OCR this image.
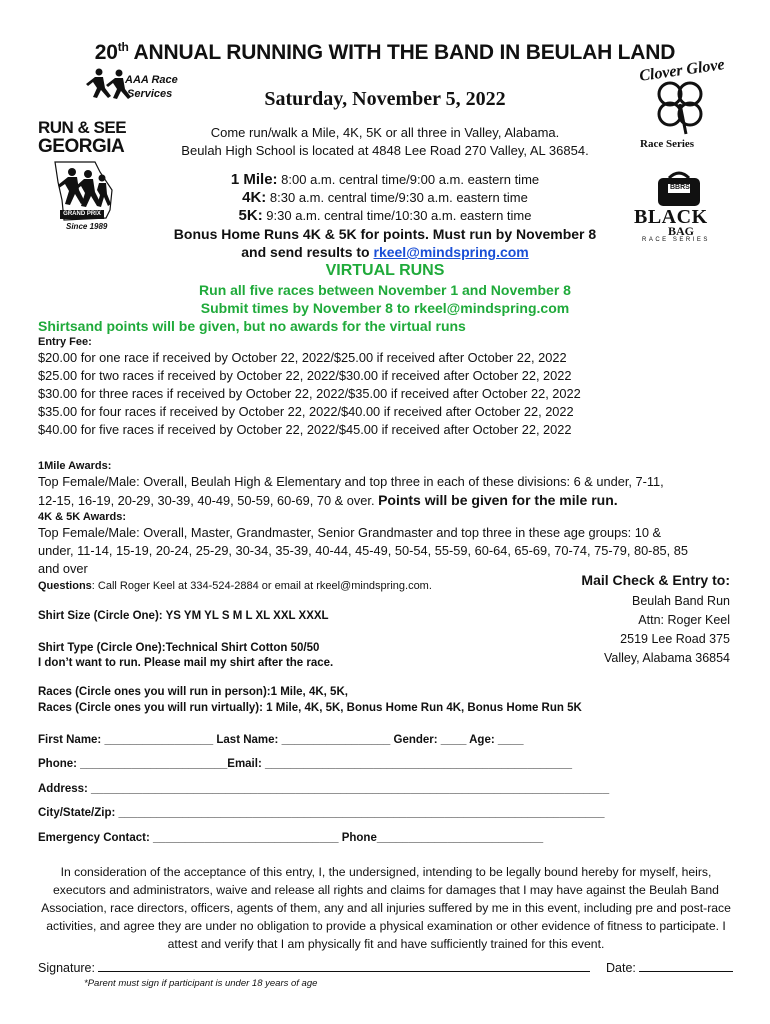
20th ANNUAL RUNNING WITH THE BAND IN BEULAH LAND
AAA Race
Services
RUN & SEE
GEORGIA
GRAND PRIX
Since 1989
Clover Glove
Race Series
BBRS
BLACK
BAG
RACE SERIES
Saturday, November 5, 2022
Come run/walk a Mile, 4K, 5K or all three in Valley, Alabama.
Beulah High School is located at 4848 Lee Road 270 Valley, AL 36854.
1 Mile: 8:00 a.m. central time/9:00 a.m. eastern time
4K: 8:30 a.m. central time/9:30 a.m. eastern time
5K: 9:30 a.m. central time/10:30 a.m. eastern time
Bonus Home Runs 4K & 5K for points. Must run by November 8
and send results to rkeel@mindspring.com
VIRTUAL RUNS
Run all five races between November 1 and November 8
Submit times by November 8 to rkeel@mindspring.com
Shirtsand points will be given, but no awards for the virtual runs
Entry Fee:
$20.00 for one race if received by October 22, 2022/$25.00 if received after October 22, 2022
$25.00 for two races if received by October 22, 2022/$30.00 if received after October 22, 2022
$30.00 for three races if received by October 22, 2022/$35.00 if received after October 22, 2022
$35.00 for four races if received by October 22, 2022/$40.00 if received after October 22, 2022
$40.00 for five races if received by October 22, 2022/$45.00 if received after October 22, 2022
1Mile Awards:
Top Female/Male: Overall, Beulah High & Elementary and top three in each of these divisions: 6 & under, 7-11,
12-15, 16-19, 20-29, 30-39, 40-49, 50-59, 60-69, 70 & over. Points will be given for the mile run.
4K & 5K Awards:
Top Female/Male: Overall, Master, Grandmaster, Senior Grandmaster and top three in these age groups: 10 &
under, 11-14, 15-19, 20-24, 25-29, 30-34, 35-39, 40-44, 45-49, 50-54, 55-59, 60-64, 65-69, 70-74, 75-79, 80-85, 85
and over
Questions: Call Roger Keel at 334-524-2884 or email at rkeel@mindspring.com.	Mail Check & Entry to:
Beulah Band Run
Attn: Roger Keel
2519 Lee Road 375
Valley, Alabama 36854
Shirt Size (Circle One): YS YM YL S M L XL XXL XXXL
Shirt Type (Circle One):Technical Shirt Cotton 50/50
I don’t want to run. Please mail my shirt after the race.
Races (Circle ones you will run in person):1 Mile, 4K, 5K,
Races (Circle ones you will run virtually): 1 Mile, 4K, 5K, Bonus Home Run 4K, Bonus Home Run 5K
First Name: _________________ Last Name: _________________ Gender: ____ Age: ____
Phone: _______________________Email: ________________________________________________
Address: _________________________________________________________________________________
City/State/Zip: ____________________________________________________________________________
Emergency Contact: _____________________________ Phone__________________________
In consideration of the acceptance of this entry, I, the undersigned, intending to be legally bound hereby for myself, heirs, executors and administrators, waive and release all rights and claims for damages that I may have against the Beulah Band Association, race directors, officers, agents of them, any and all injuries suffered by me in this event, including pre and post-race activities, and agree they are under no obligation to provide a physical examination or other evidence of fitness to participate. I attest and verify that I am physically fit and have sufficiently trained for this event.
Signature:	Date:
*Parent must sign if participant is under 18 years of age
